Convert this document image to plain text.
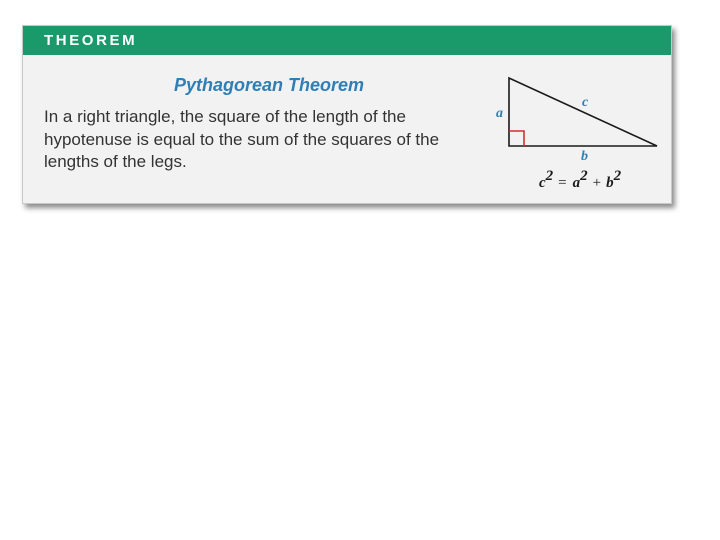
THEOREM
Pythagorean Theorem
In a right triangle, the square of the length of the hypotenuse is equal to the sum of the squares of the lengths of the legs.
a
b
c
c2 = a2 + b2
